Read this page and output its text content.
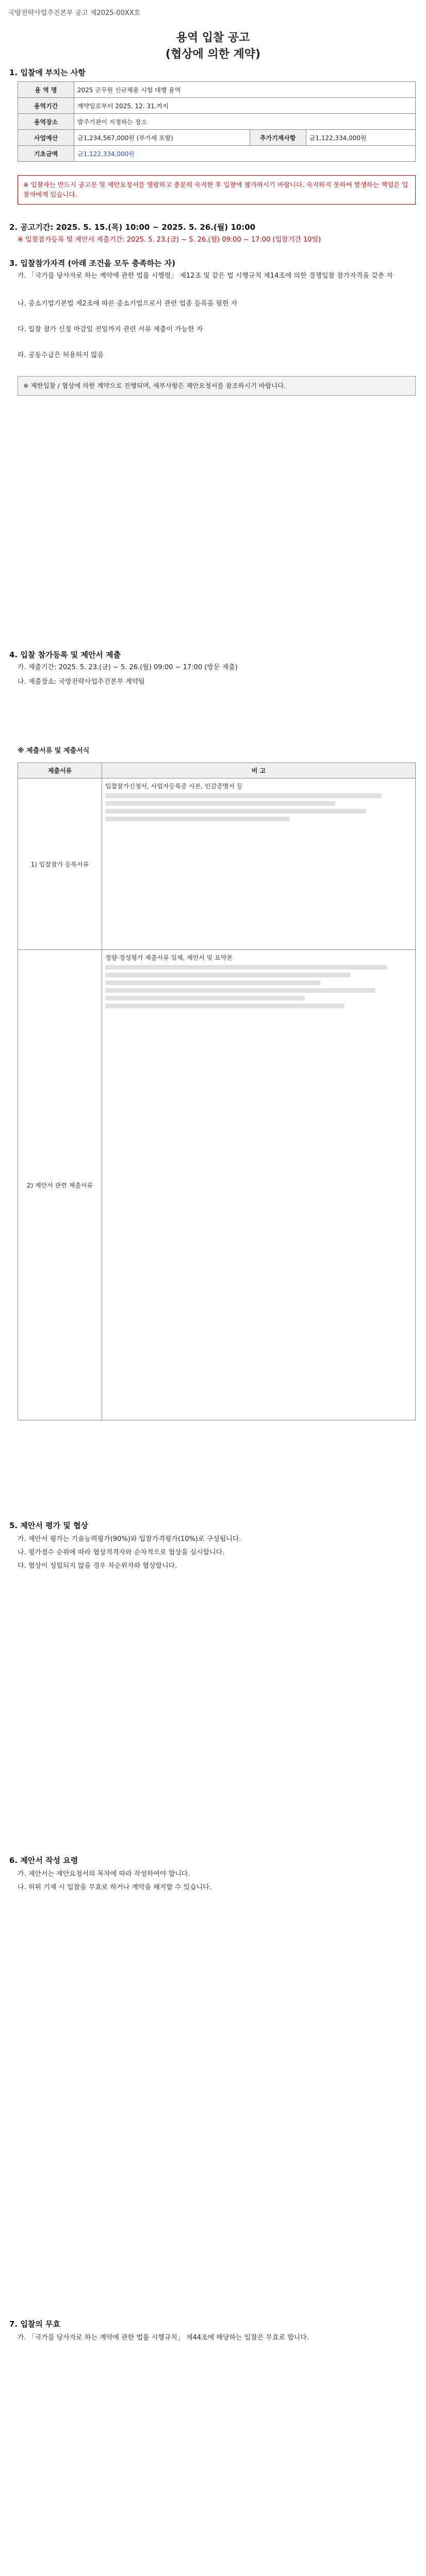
국방전략사업추진본부 공고 제2025-00XX호
용역 입찰 공고
(협상에 의한 계약)
1. 입찰에 부치는 사항
용 역 명	2025 군무원 신규채용 시험 대행 용역		
용역기간	계약일로부터 2025. 12. 31.까지		
용역장소	발주기관이 지정하는 장소		
사업예산	금1,234,567,000원 (부가세 포함)	추가기재사항	금1,122,334,000원
기초금액	금1,122,334,000원		
※ 입찰자는 반드시 공고문 및 제안요청서를 열람하고 충분히 숙지한 후 입찰에 참가하시기 바랍니다. 숙지하지 못하여 발생하는 책임은 입찰자에게 있습니다.
2. 공고기간: 2025. 5. 15.(목) 10:00 ~ 2025. 5. 26.(월) 10:00
※ 입찰참가등록 및 제안서 제출기간: 2025. 5. 23.(금) ~ 5. 26.(월) 09:00 ~ 17:00 (입찰기간 10일)
3. 입찰참가자격 (아래 조건을 모두 충족하는 자)
가. 「국가를 당사자로 하는 계약에 관한 법률 시행령」 제12조 및 같은 법 시행규칙 제14조에 의한 경쟁입찰 참가자격을 갖춘 자
나. 중소기업기본법 제2조에 따른 중소기업으로서 관련 업종 등록을 필한 자
다. 입찰 참가 신청 마감일 전일까지 관련 서류 제출이 가능한 자
라. 공동수급은 허용하지 않음
※ 제한입찰 / 협상에 의한 계약으로 진행되며, 세부사항은 제안요청서를 참조하시기 바랍니다.
4. 입찰 참가등록 및 제안서 제출
가. 제출기간: 2025. 5. 23.(금) ~ 5. 26.(월) 09:00 ~ 17:00 (방문 제출)
나. 제출장소: 국방전략사업추진본부 계약팀
※ 제출서류 및 제출서식
제출서류	비 고
1) 입찰참가 등록서류	입찰참가신청서, 사업자등록증 사본, 인감증명서 등

2) 제안서 관련 제출서류	정량·정성평가 제출서류 일체, 제안서 및 요약본
5. 제안서 평가 및 협상
가. 제안서 평가는 기술능력평가(90%)와 입찰가격평가(10%)로 구성됩니다.
나. 평가점수 순위에 따라 협상적격자와 순차적으로 협상을 실시합니다.
다. 협상이 성립되지 않을 경우 차순위자와 협상합니다.
6. 제안서 작성 요령
가. 제안서는 제안요청서의 목차에 따라 작성하여야 합니다.
나. 허위 기재 시 입찰을 무효로 하거나 계약을 해지할 수 있습니다.
7. 입찰의 무효
가. 「국가를 당사자로 하는 계약에 관한 법률 시행규칙」 제44조에 해당하는 입찰은 무효로 합니다.
